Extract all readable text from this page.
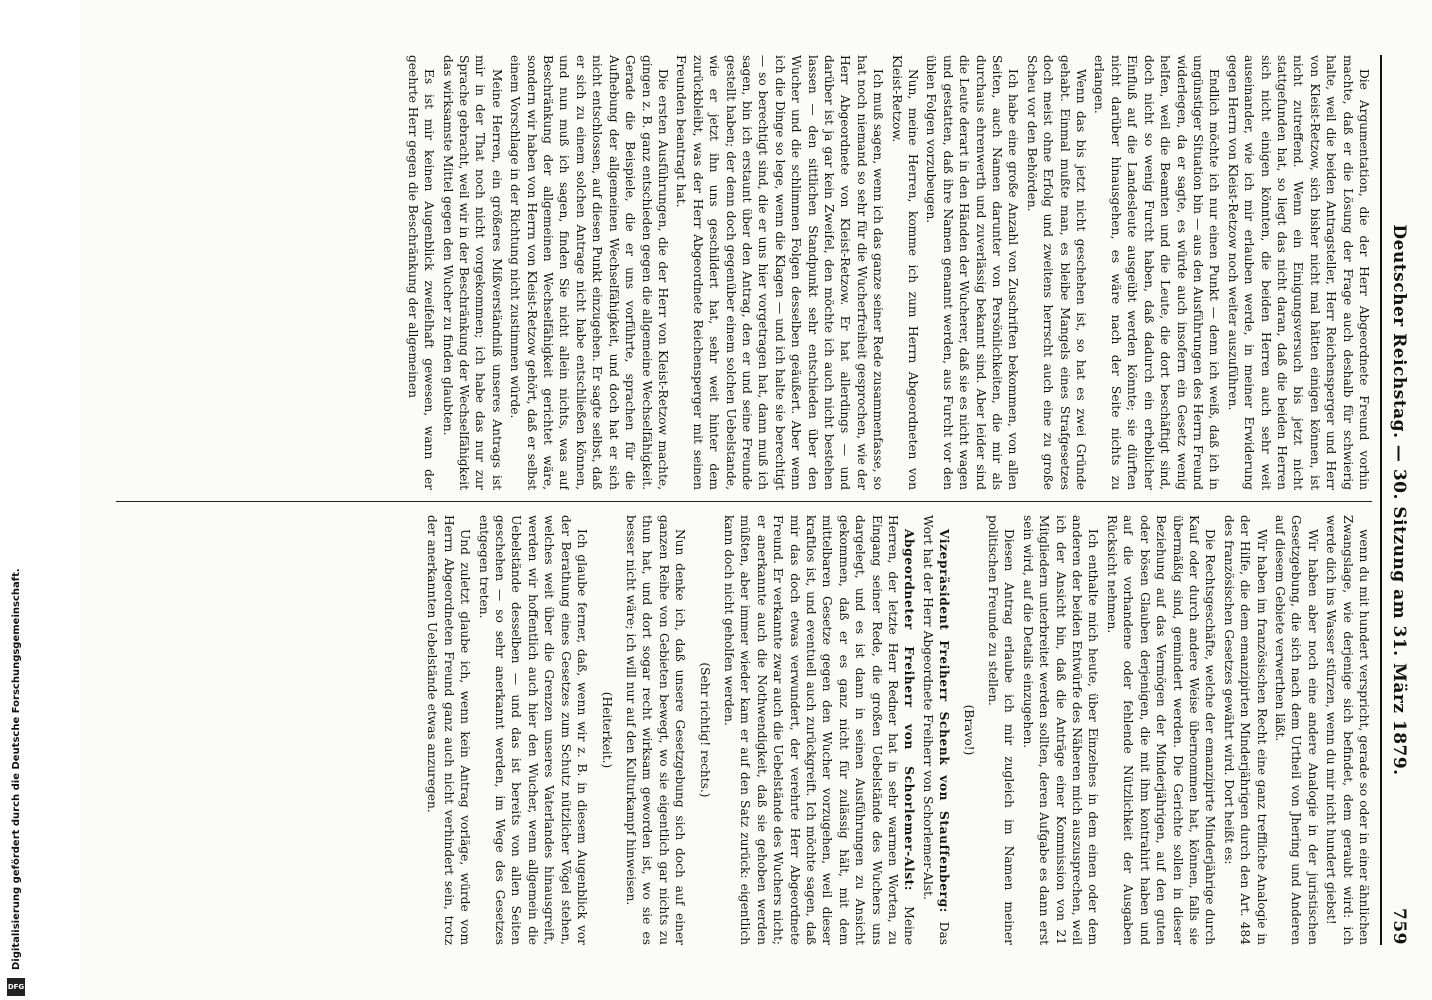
Digitalisierung gefördert durch die Deutsche Forschungsgemeinschaft.
DFG
Deutscher Reichstag. — 30. Sitzung am 31. März 1879.
759

Die Argumentation, die der Herr Abgeordnete Freund vorhin machte, daß er die Lösung der Frage auch deshalb für schwierig halte, weil die beiden Antragsteller, Herr Reichensperger und Herr von Kleist-Retzow, sich bisher nicht mal hätten einigen können, ist nicht zutreffend. Wenn ein Einigungsversuch bis jetzt nicht stattgefunden hat, so liegt das nicht daran, daß die beiden Herren sich nicht einigen könnten, die beiden Herren auch sehr weit auseinander, wie ich mir erlauben werde, in meiner Erwiderung gegen Herrn von Kleist-Retzow noch weiter auszuführen.

Endlich möchte ich nur einen Punkt — denn ich weiß, daß ich in ungünstiger Situation bin — aus den Ausführungen des Herrn Freund widerlegen, da er sagte, es würde auch insofern ein Gesetz wenig helfen, weil die Beamten und die Leute, die dort beschäftigt sind, doch nicht so wenig Furcht haben, daß dadurch ein erheblicher Einfluß auf die Landesleute ausgeübt werden könnte; sie dürften nicht darüber hinausgehen, es wäre nach der Seite nichts zu erlangen.

Wenn das bis jetzt nicht geschehen ist, so hat es zwei Gründe gehabt. Einmal mußte man, es bleibe Mangels eines Strafgesetzes doch meist ohne Erfolg und zweitens herrscht auch eine zu große Scheu vor den Behörden.

Ich habe eine große Anzahl von Zuschriften bekommen, von allen Seiten, auch Namen darunter von Persönlichkeiten, die mir als durchaus ehrenwerth und zuverlässig bekannt sind. Aber leider sind die Leute derart in den Händen der Wucherer, daß sie es nicht wagen und gestatten, daß ihre Namen genannt werden, aus Furcht vor den üblen Folgen vorzubeugen.

Nun, meine Herren, komme ich zum Herrn Abgeordneten von Kleist-Retzow.

Ich muß sagen, wenn ich das ganze seiner Rede zusammenfasse, so hat noch niemand so sehr für die Wucherfreiheit gesprochen, wie der Herr Abgeordnete von Kleist-Retzow. Er hat allerdings — und darüber ist ja gar kein Zweifel, den möchte ich auch nicht bestehen lassen — den sittlichen Standpunkt sehr entschieden über den Wucher und die schlimmen Folgen desselben geäußert. Aber wenn ich die Dinge so lege, wenn die Klagen — und ich halte sie berechtigt — so berechtigt sind, die er uns hier vorgetragen hat, dann muß ich sagen, bin ich erstaunt über den Antrag, den er und seine Freunde gestellt haben; der denn doch gegenüber einem solchen Uebelstande, wie er jetzt ihn uns geschildert hat, sehr weit hinter dem zurückbleibt, was der Herr Abgeordnete Reichensperger mit seinen Freunden beantragt hat.

Die ersten Ausführungen, die der Herr von Kleist-Retzow machte, gingen z. B. ganz entschieden gegen die allgemeine Wechselfähigkeit. Gerade die Beispiele, die er uns vorführte, sprachen für die Aufhebung der allgemeinen Wechselfähigkeit, und doch hat er sich nicht entschlossen, auf diesen Punkt einzugehen. Er sagte selbst, daß er sich zu einem solchen Antrage nicht habe entschließen können, und nun muß ich sagen, finden Sie nicht allein nichts, was auf Beschränkung der allgemeinen Wechselfähigkeit gerichtet wäre, sondern wir haben von Herrn von Kleist-Retzow gehört, daß er selbst einem Vorschlage in der Richtung nicht zustimmen würde.

Meine Herren, ein größeres Mißverständniß unseres Antrags ist mir in der That noch nicht vorgekommen; ich habe das nur zur Sprache gebracht, weil wir in der Beschränkung der Wechselfähigkeit das wirksamste Mittel gegen den Wucher zu finden glaubten.

Es ist mir keinen Augenblick zweifelhaft gewesen, wann der geehrte Herr gegen die Beschränkung der allgemeinen

wenn du mit hundert verspricht, gerade so oder in einer ähnlichen Zwangslage, wie derjenige sich befindet, dem geraubt wird: ich werde dich ins Wasser stürzen, wenn du mir nicht hundert giebst!

Wir haben aber noch eine andere Analogie in der juristischen Gesetzgebung, die sich nach dem Urtheil von Jhering und Anderen auf diesem Gebiete verwerthen läßt.

Wir haben im französischen Recht eine ganz treffliche Analogie in der Hilfe, die dem emanzipirten Minderjährigen durch den Art. 484 des französischen Gesetzes gewährt wird. Dort heißt es:

Die Rechtsgeschäfte, welche der emanzipirte Minderjährige durch Kauf oder durch andere Weise übernommen hat, können, falls sie übermäßig sind, gemindert werden. Die Gerichte sollen in dieser Beziehung auf das Vermögen der Minderjährigen, auf den guten oder bösen Glauben derjenigen, die mit ihm kontrahirt haben und auf die vorhandene oder fehlende Nützlichkeit der Ausgaben Rücksicht nehmen.

Ich enthalte mich heute, über Einzelnes in dem einen oder dem anderen der beiden Entwürfe des Näheren mich auszusprechen, weil ich der Ansicht bin, daß die Anträge einer Kommission von 21 Mitgliedern unterbreitet werden sollten, deren Aufgabe es dann erst sein wird, auf die Details einzugehen.

Diesen Antrag erlaube ich mir zugleich im Namen meiner politischen Freunde zu stellen.

(Bravo!)

Vizepräsident Freiherr Schenk von Stauffenberg: Das Wort hat der Herr Abgeordnete Freiherr von Schorlemer-Alst.

Abgeordneter Freiherr von Schorlemer-Alst: Meine Herren, der letzte Herr Redner hat in sehr warmen Worten, zu Eingang seiner Rede, die großen Uebelstände des Wuchers uns dargelegt, und es ist dann in seinen Ausführungen zu Ansicht gekommen, daß er es ganz nicht für zulässig hält, mit dem mittelbaren Gesetze gegen den Wucher vorzugehen, weil dieser kraftlos ist, und eventuell auch zurückgreift. Ich möchte sagen, daß mir das doch etwas verwundert, der verehrte Herr Abgeordnete Freund. Er verkannte zwar auch die Uebelstände des Wuchers nicht; er anerkannte auch die Nothwendigkeit, daß sie gehoben werden müßten, aber immer wieder kam er auf den Satz zurück: eigentlich kann doch nicht geholfen werden.

(Sehr richtig! rechts.)

Nun denke ich, daß unsere Gesetzgebung sich doch auf einer ganzen Reihe von Gebieten bewegt, wo sie eigentlich gar nichts zu thun hat, und dort sogar recht wirksam geworden ist, wo sie es besser nicht wäre; ich will nur auf den Kulturkampf hinweisen.

(Heiterkeit.)

Ich glaube ferner, daß, wenn wir z. B. in diesem Augenblick vor der Berathung eines Gesetzes zum Schutz nützlicher Vögel stehen, welches weit über die Grenzen unseres Vaterlandes hinausgreift, werden wir hoffentlich auch hier den Wucher, wenn allgemein die Uebelstände desselben — und das ist bereits von allen Seiten geschehen — so sehr anerkannt werden, im Wege des Gesetzes entgegen treten.

Und zuletzt glaube ich, wenn kein Antrag vorläge, würde vom Herrn Abgeordneten Freund ganz auch nicht verhindert sein, trotz der anerkannten Uebelstände etwas anzuregen.
